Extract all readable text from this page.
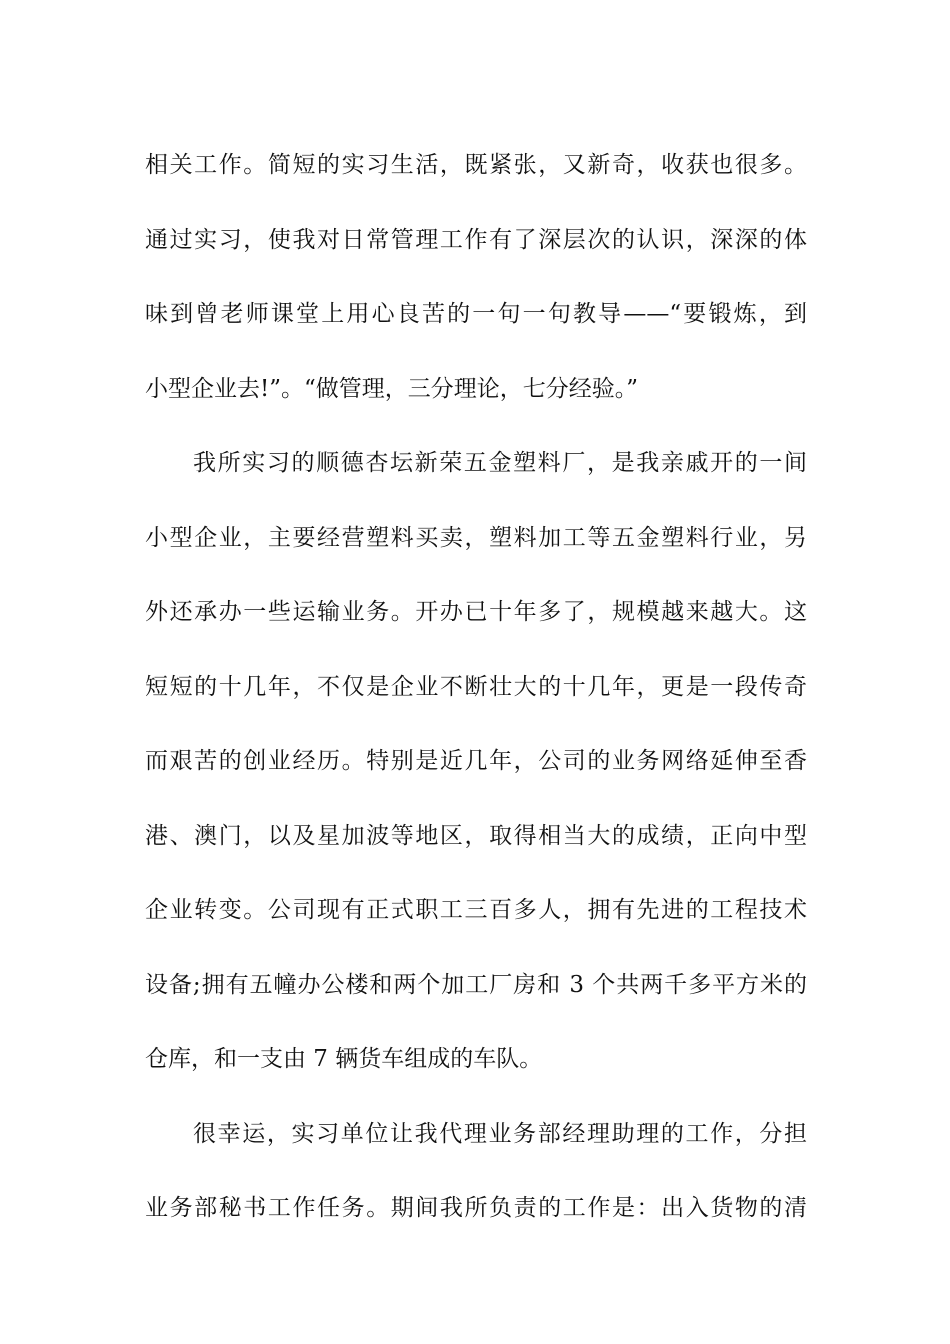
相关工作。简短的实习生活，既紧张，又新奇，收获也很多。
通过实习，使我对日常管理工作有了深层次的认识，深深的体
味到曾老师课堂上用心良苦的一句一句教导——“要锻炼，到
小型企业去!”。“做管理，三分理论，七分经验。”
我所实习的顺德杏坛新荣五金塑料厂，是我亲戚开的一间
小型企业，主要经营塑料买卖，塑料加工等五金塑料行业，另
外还承办一些运输业务。开办已十年多了，规模越来越大。这
短短的十几年，不仅是企业不断壮大的十几年，更是一段传奇
而艰苦的创业经历。特别是近几年，公司的业务网络延伸至香
港、澳门，以及星加波等地区，取得相当大的成绩，正向中型
企业转变。公司现有正式职工三百多人，拥有先进的工程技术
设备;拥有五幢办公楼和两个加工厂房和 3 个共两千多平方米的
仓库，和一支由 7 辆货车组成的车队。
很幸运，实习单位让我代理业务部经理助理的工作，分担
业务部秘书工作任务。期间我所负责的工作是：出入货物的清
